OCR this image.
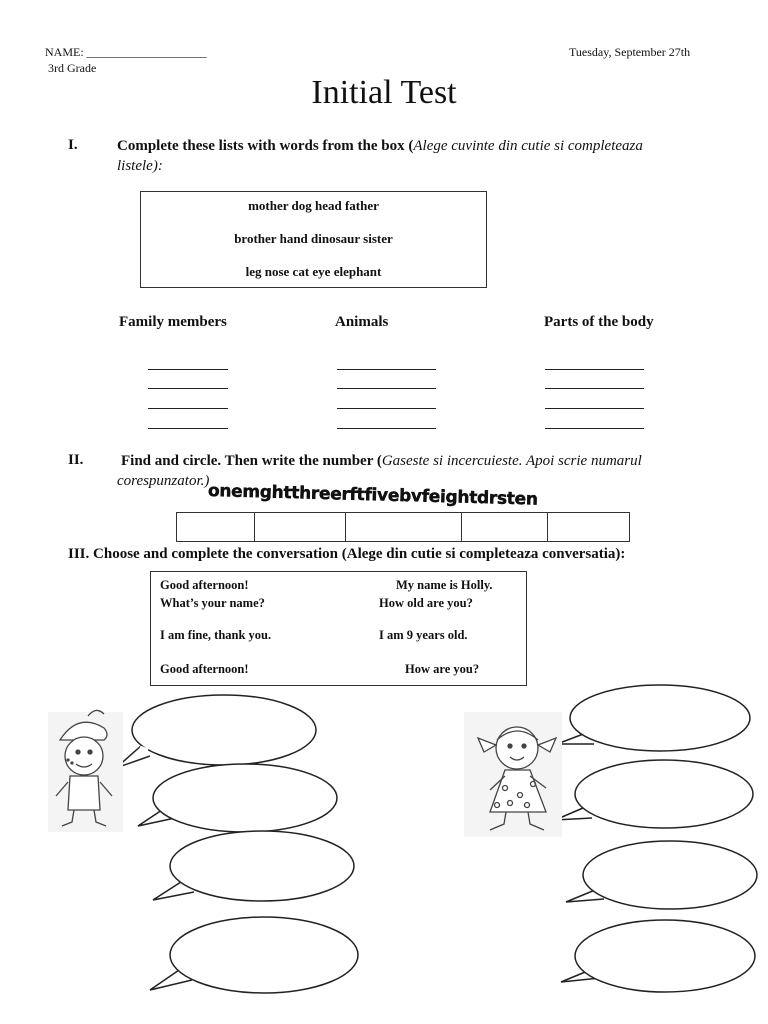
NAME: ____________________
3rd Grade
Tuesday, September 27th
Initial Test
I.	Complete these lists with words from the box (Alege cuvinte din cutie si completeaza listele):
mother dog head father
brother hand dinosaur sister
leg nose cat eye elephant
Family members	Animals	Parts of the body
II.	Find and circle. Then write the number (Gaseste si incercuieste. Apoi scrie numarul corespunzator.)
onemghtthreerftfivebvfeightdrsten
III. Choose and complete the conversation (Alege din cutie si completeaza conversatia):
Good afternoon!	My name is Holly.
What’s your name?	How old are you?
I am fine, thank you.	I am 9 years old.
Good afternoon!	How are you?
